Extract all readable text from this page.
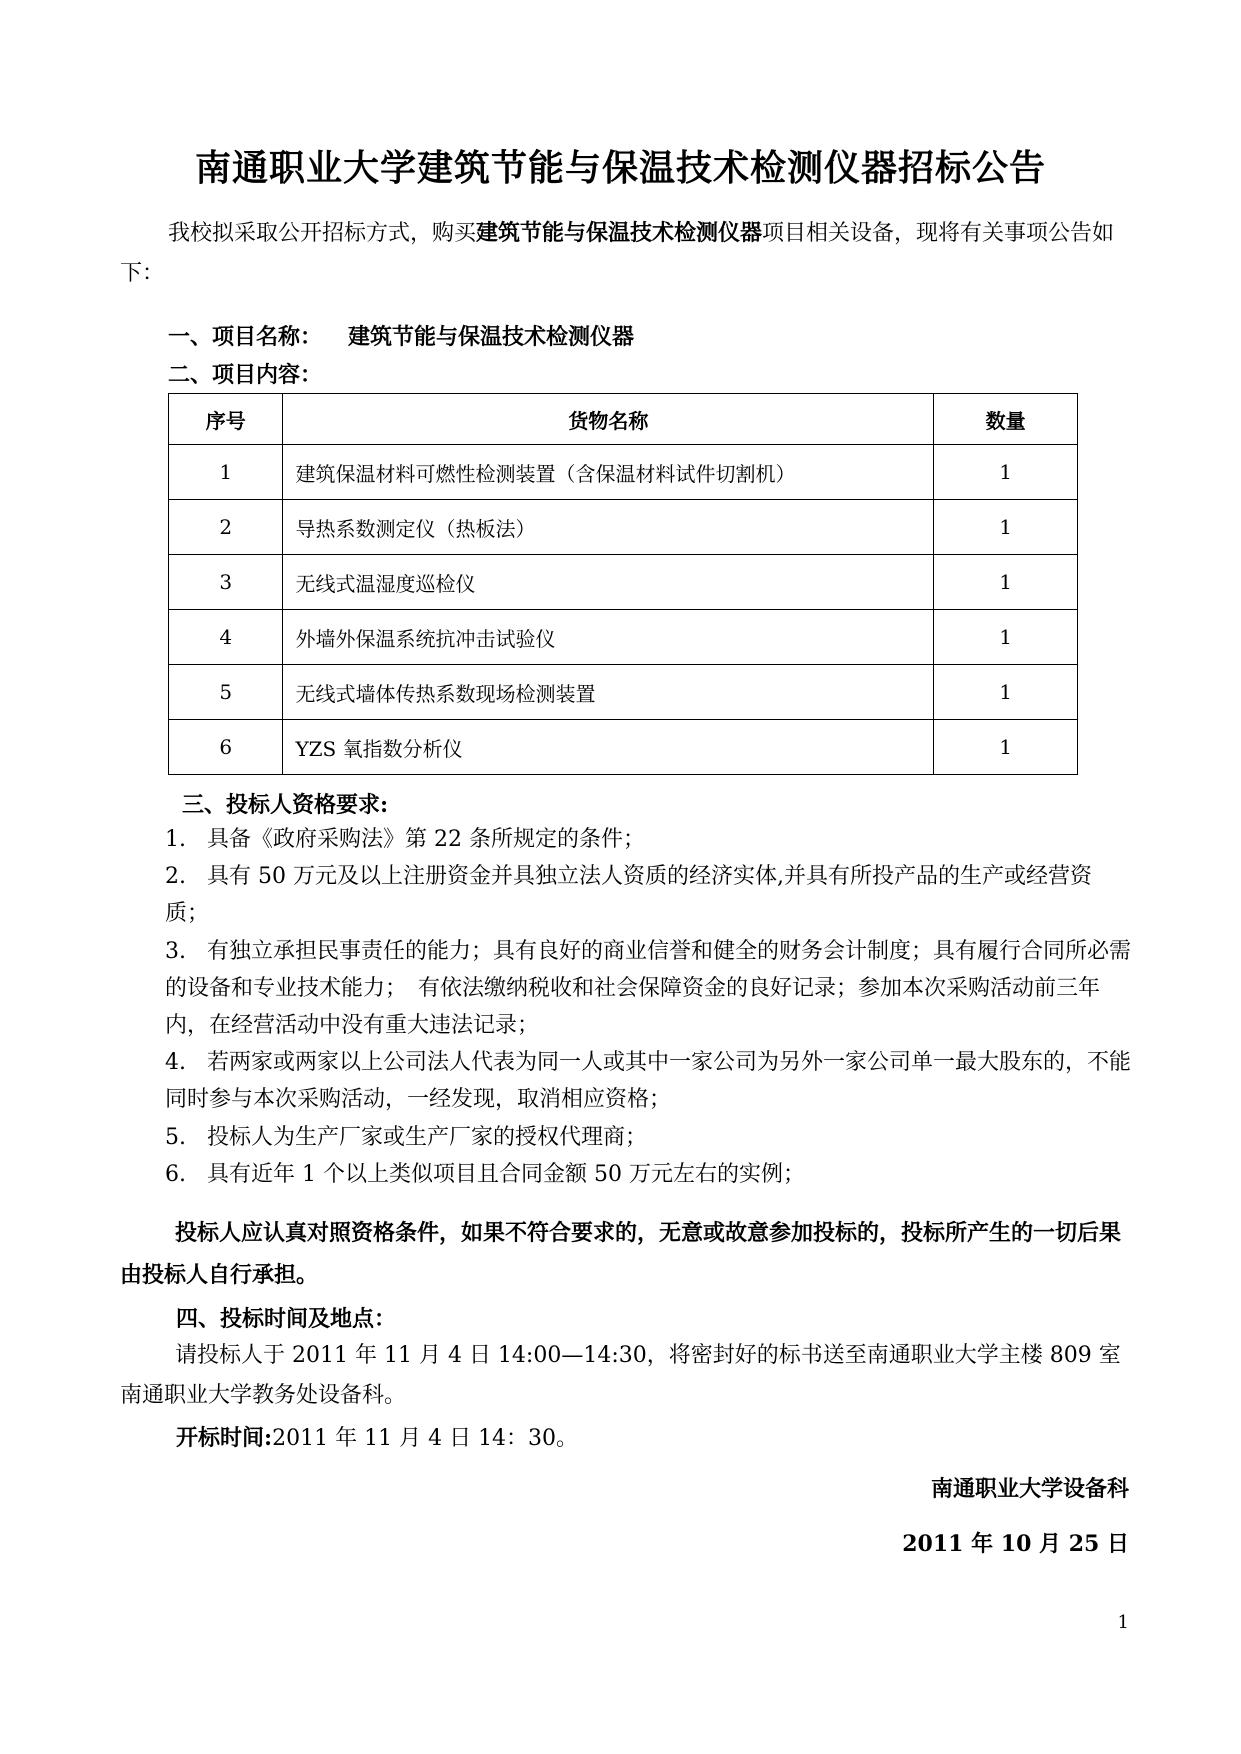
南通职业大学建筑节能与保温技术检测仪器招标公告
我校拟采取公开招标方式，购买建筑节能与保温技术检测仪器项目相关设备，现将有关事项公告如下：
一、项目名称： 建筑节能与保温技术检测仪器
二、项目内容：
序号	货物名称	数量
1	建筑保温材料可燃性检测装置（含保温材料试件切割机）	1
2	导热系数测定仪（热板法）	1
3	无线式温湿度巡检仪	1
4	外墙外保温系统抗冲击试验仪	1
5	无线式墙体传热系数现场检测装置	1
6	YZS 氧指数分析仪	1
三、投标人资格要求:
1. 具备《政府采购法》第 22 条所规定的条件；
2. 具有 50 万元及以上注册资金并具独立法人资质的经济实体,并具有所投产品的生产或经营资质；
3. 有独立承担民事责任的能力；具有良好的商业信誉和健全的财务会计制度；具有履行合同所必需的设备和专业技术能力；　有依法缴纳税收和社会保障资金的良好记录；参加本次采购活动前三年内，在经营活动中没有重大违法记录；
4. 若两家或两家以上公司法人代表为同一人或其中一家公司为另外一家公司单一最大股东的，不能同时参与本次采购活动，一经发现，取消相应资格；
5. 投标人为生产厂家或生产厂家的授权代理商；
6. 具有近年 1 个以上类似项目且合同金额 50 万元左右的实例；
投标人应认真对照资格条件，如果不符合要求的，无意或故意参加投标的，投标所产生的一切后果由投标人自行承担。
四、投标时间及地点：
请投标人于 2011 年 11 月 4 日 14:00—14:30，将密封好的标书送至南通职业大学主楼 809 室南通职业大学教务处设备科。
开标时间:2011 年 11 月 4 日 14：30。
南通职业大学设备科
2011 年 10 月 25 日
1
